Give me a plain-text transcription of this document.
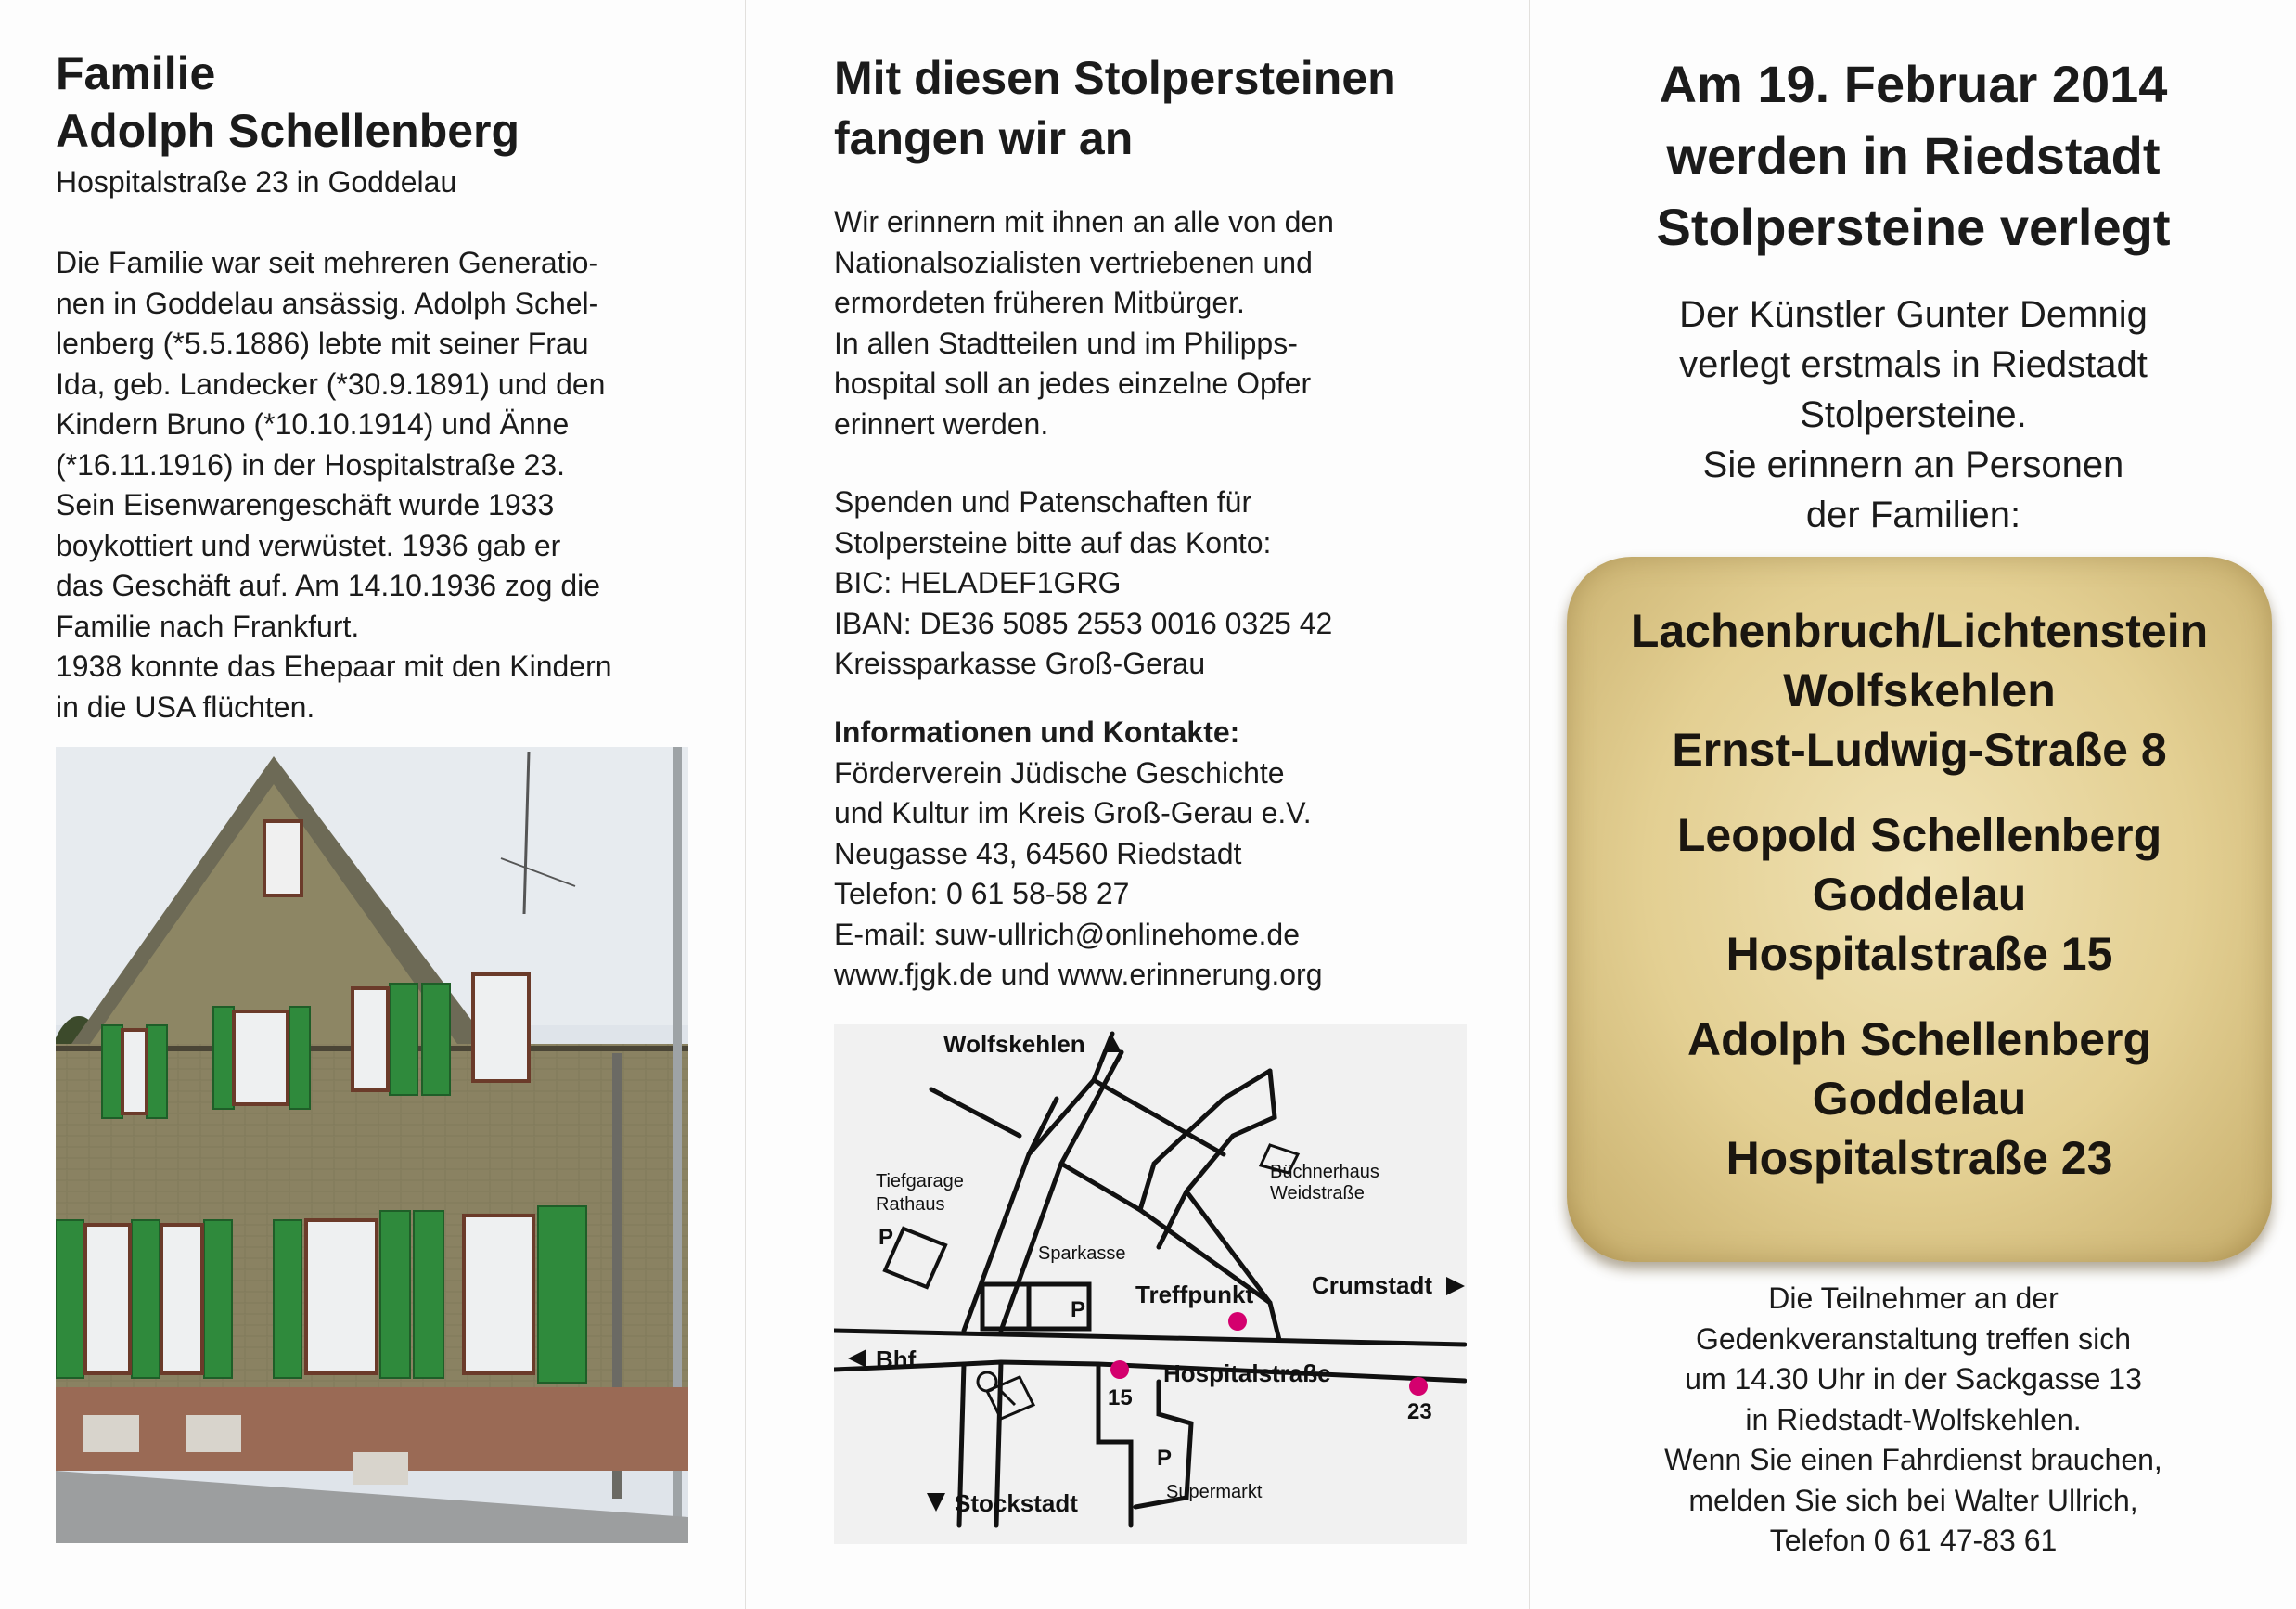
Familie
Adolph Schellenberg
Hospitalstraße 23 in Goddelau
Die Familie war seit mehreren Generatio-
nen in Goddelau ansässig. Adolph Schel-
lenberg (*5.5.1886) lebte mit seiner Frau
Ida, geb. Landecker (*30.9.1891) und den
Kindern Bruno (*10.10.1914) und Änne
(*16.11.1916) in der Hospitalstraße 23.
Sein Eisenwarengeschäft wurde 1933
boykottiert und verwüstet. 1936 gab er
das Geschäft auf. Am 14.10.1936 zog die
Familie nach Frankfurt.
1938 konnte das Ehepaar mit den Kindern
in die USA flüchten.
Mit diesen Stolpersteinen
fangen wir an
Wir erinnern mit ihnen an alle von den
Nationalsozialisten vertriebenen und
ermordeten früheren Mitbürger.
In allen Stadtteilen und im Philipps-
hospital soll an jedes einzelne Opfer
erinnert werden.
Spenden und Patenschaften für
Stolpersteine bitte auf das Konto:
BIC: HELADEF1GRG
IBAN: DE36 5085 2553 0016 0325 42
Kreissparkasse Groß-Gerau
Informationen und Kontakte:
Förderverein Jüdische Geschichte
und Kultur im Kreis Groß-Gerau e.V.
Neugasse 43, 64560 Riedstadt
Telefon: 0 61 58-58 27
E-mail: suw-ullrich@onlinehome.de
www.fjgk.de und www.erinnerung.org
Wolfskehlen
Tiefgarage
Rathaus
P
Sparkasse
P
Treffpunkt
Büchnerhaus
Weidstraße
Crumstadt
Bhf.	Hospitalstraße
15
23
Stockstadt
P
Supermarkt
Am 19. Februar 2014
werden in Riedstadt
Stolpersteine verlegt
Der Künstler Gunter Demnig
verlegt erstmals in Riedstadt
Stolpersteine.
Sie erinnern an Personen
der Familien:
Lachenbruch/Lichtenstein
Wolfskehlen
Ernst-Ludwig-Straße 8
Leopold Schellenberg
Goddelau
Hospitalstraße 15
Adolph Schellenberg
Goddelau
Hospitalstraße 23
Die Teilnehmer an der
Gedenkveranstaltung treffen sich
um 14.30 Uhr in der Sackgasse 13
in Riedstadt-Wolfskehlen.
Wenn Sie einen Fahrdienst brauchen,
melden Sie sich bei Walter Ullrich,
Telefon 0 61 47-83 61
